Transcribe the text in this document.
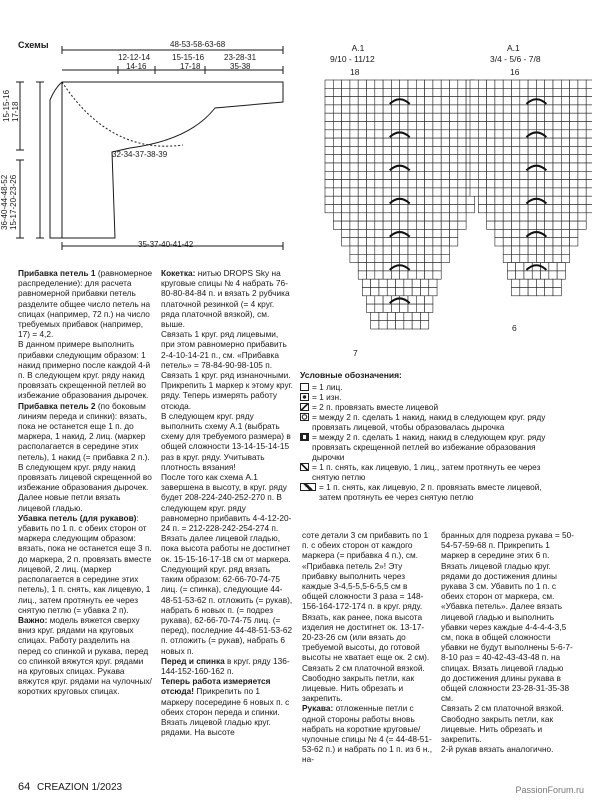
Схемы	48-53-58-63-68
12-12-14
14-16
15-15-16
17-18
23-28-31
35-38
32-34-37-38-39
35-37-40-41-42
15-15-16 17-18
36-40-44-48-52 15-17-20-23-26
A.1
9/10 - 11/12
18
7
A.1
3/4 - 5/6 - 7/8
16
6
Условные обозначения:
= 1 лиц.
= 1 изн.
= 2 п. провязать вместе лицевой
= между 2 п. сделать 1 накид, накид в следующем круг. ряду провязать лицевой, чтобы образовалась дырочка
= между 2 п. сделать 1 накид, накид в следующем круг. ряду провязать скрещенной петлей во избежание образования дырочки
= 1 п. снять, как лицевую, 1 лиц., затем протянуть ее через снятую петлю
= 1 п. снять, как лицевую, 2 п. провязать вместе лицевой, затем протянуть ее через снятую петлю

Прибавка петель 1 (равномерное распределение): для расчета равномерной прибавки петель разделите общее число петель на спицах (например, 72 п.) на число требуемых прибавок (например, 17) = 4,2.

В данном примере выполнить прибавки следующим образом: 1 накид примерно после каждой 4-й п. В следующем круг. ряду накид провязать скрещенной петлей во избежание образования дырочек.

Прибавка петель 2 (по боковым линиям переда и спинки): вязать, пока не останется еще 1 п. до маркера, 1 накид, 2 лиц. (маркер располагается в середине этих петель), 1 накид (= прибавка 2 п.). В следующем круг. ряду накид провязать лицевой скрещенной во избежание образования дырочек. Далее новые петли вязать лицевой гладью.

Убавка петель (для рукавов): убавить по 1 п. с обеих сторон от маркера следующим образом: вязать, пока не останется еще 3 п. до маркера, 2 п. провязать вместе лицевой, 2 лиц. (маркер располагается в середине этих петель), 1 п. снять, как лицевую, 1 лиц., затем протянуть ее через снятую петлю (= убавка 2 п).

Важно: модель вяжется сверху вниз круг. рядами на круговых спицах. Работу разделить на перед со спинкой и рукава, перед со спинкой вяжутся круг. рядами на круговых спицах. Рукава вяжутся круг. рядами на чулочных/коротких круговых спицах.

Кокетка: нитью DROPS Sky на круговые спицы № 4 набрать 76-80-80-84-84 п. и вязать 2 рубчика платочной резинкой (= 4 круг. ряда платочной вязкой), см. выше.

Связать 1 круг. ряд лицевыми, при этом равномерно прибавить 2-4-10-14-21 п., см. «Прибавка петель» = 78-84-90-98-105 п.

Связать 1 круг. ряд изнаночными. Прикрепить 1 маркер к этому круг. ряду. Теперь измерять работу отсюда.

В следующем круг. ряду выполнить схему А.1 (выбрать схему для требуемого размера) в общей сложности 13-14-15-14-15 раз в круг. ряду. Учитывать плотность вязания!

После того как схема А.1 завершена в высоту, в круг. ряду будет 208-224-240-252-270 п. В следующем круг. ряду равномерно прибавить 4-4-12-20-24 п. = 212-228-242-254-274 п.

Вязать далее лицевой гладью, пока высота работы не достигнет ок. 15-15-16-17-18 см от маркера. Следующий круг. ряд вязать таким образом: 62-66-70-74-75 лиц. (= спинка), следующие 44-48-51-53-62 п. отложить (= рукав), набрать 6 новых п. (= подрез рукава), 62-66-70-74-75 лиц. (= перед), последние 44-48-51-53-62 п. отложить (= рукав), набрать 6 новых п.

Перед и спинка в круг. ряду 136-144-152-160-162 п.

Теперь работа измеряется отсюда! Прикрепить по 1 маркеру посередине 6 новых п. с обеих сторон переда и спинки. Вязать лицевой гладью круг. рядами. На высоте

сотe детали 3 см прибавить по 1 п. с обеих сторон от каждого маркера (= прибавка 4 п.), см. «Прибавка петель 2»! Эту прибавку выполнить через каждые 3-4,5-5,5-6-5,5 см в общей сложности 3 раза = 148-156-164-172-174 п. в круг. ряду. Вязать, как ранее, пока высота изделия не достигнет ок. 13-17-20-23-26 см (или вязать до требуемой высоты, до готовой высоты не хватает еще ок. 2 см). Связать 2 см платочной вязкой. Свободно закрыть петли, как лицевые. Нить обрезать и закрепить.

Рукава: отложенные петли с одной стороны работы вновь набрать на короткие круговые/чулочные спицы № 4 (= 44-48-51-53-62 п.) и набрать по 1 п. из 6 н., на-

бранных для подреза рукава = 50-54-57-59-68 п. Прикрепить 1 маркер в середине этих 6 п. Вязать лицевой гладью круг. рядами до достижения длины рукава 3 см. Убавить по 1 п. с обеих сторон от маркера, см. «Убавка петель». Далее вязать лицевой гладью и выполнить убавки через каждые 4-4-4-4-3,5 см, пока в общей сложности убавки не будут выполнены 5-6-7-8-10 раз = 40-42-43-43-48 п. на спицах. Вязать лицевой гладью до достижения длины рукава в общей сложности 23-28-31-35-38 см.

Связать 2 см платочной вязкой. Свободно закрыть петли, как лицевые. Нить обрезать и закрепить.

2-й рукав вязать аналогично.

64 CREAZION 1/2023	PassionForum.ru
